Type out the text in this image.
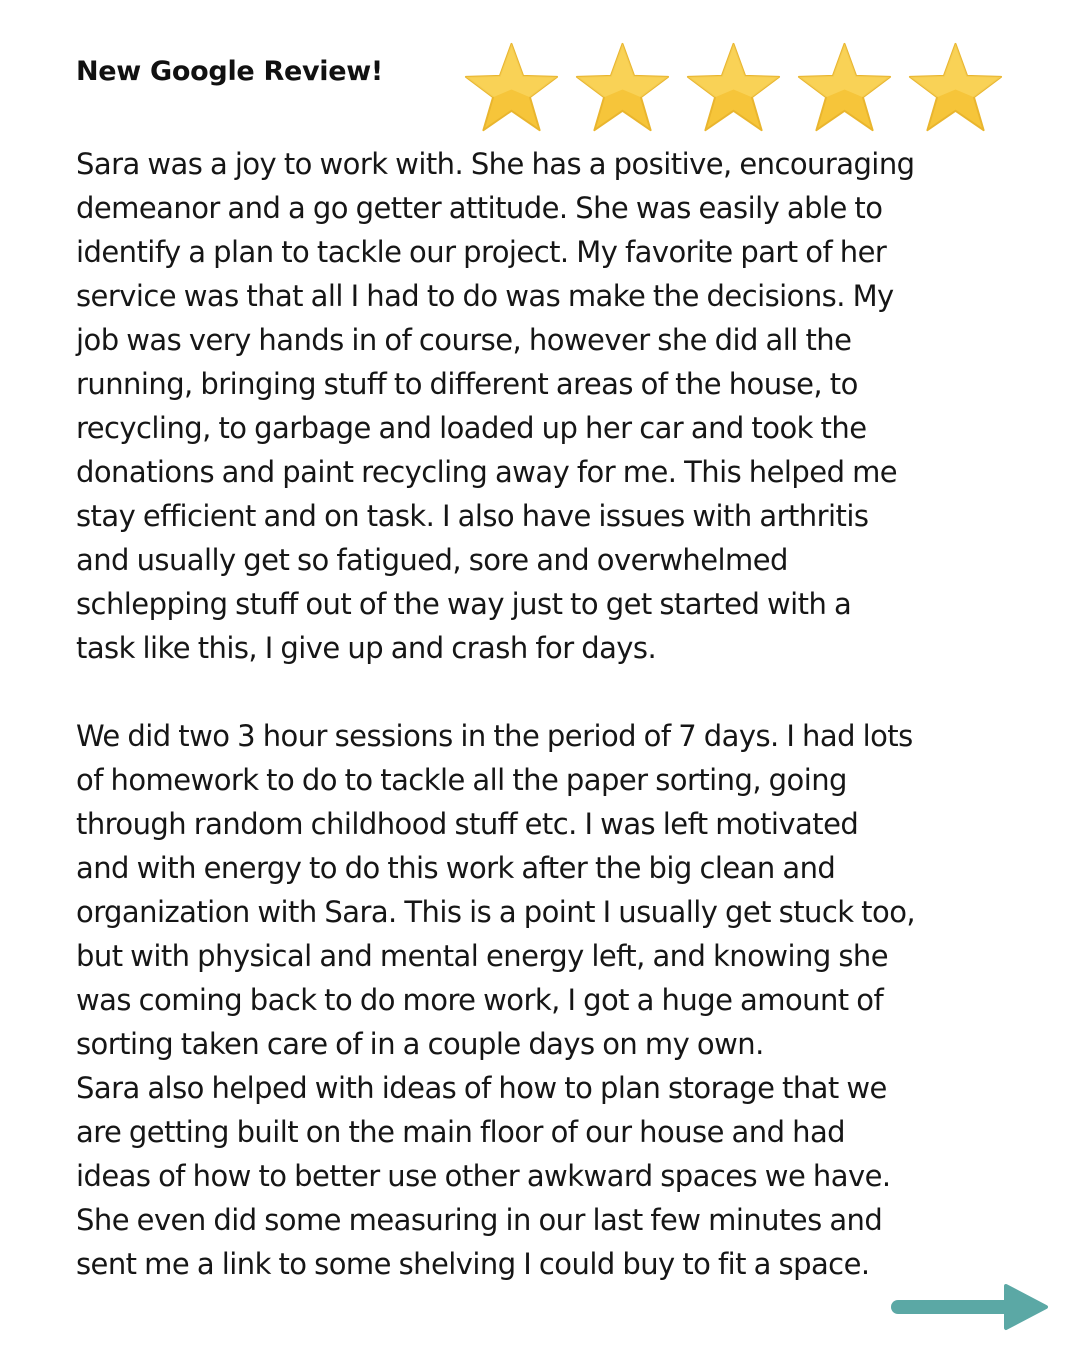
New Google Review!
Sara was a joy to work with. She has a positive, encouraging
demeanor and a go getter attitude. She was easily able to
identify a plan to tackle our project. My favorite part of her
service was that all I had to do was make the decisions. My
job was very hands in of course, however she did all the
running, bringing stuff to different areas of the house, to
recycling, to garbage and loaded up her car and took the
donations and paint recycling away for me. This helped me
stay efficient and on task. I also have issues with arthritis
and usually get so fatigued, sore and overwhelmed
schlepping stuff out of the way just to get started with a
task like this, I give up and crash for days.
We did two 3 hour sessions in the period of 7 days. I had lots
of homework to do to tackle all the paper sorting, going
through random childhood stuff etc. I was left motivated
and with energy to do this work after the big clean and
organization with Sara. This is a point I usually get stuck too,
but with physical and mental energy left, and knowing she
was coming back to do more work, I got a huge amount of
sorting taken care of in a couple days on my own.
Sara also helped with ideas of how to plan storage that we
are getting built on the main floor of our house and had
ideas of how to better use other awkward spaces we have.
She even did some measuring in our last few minutes and
sent me a link to some shelving I could buy to fit a space.
